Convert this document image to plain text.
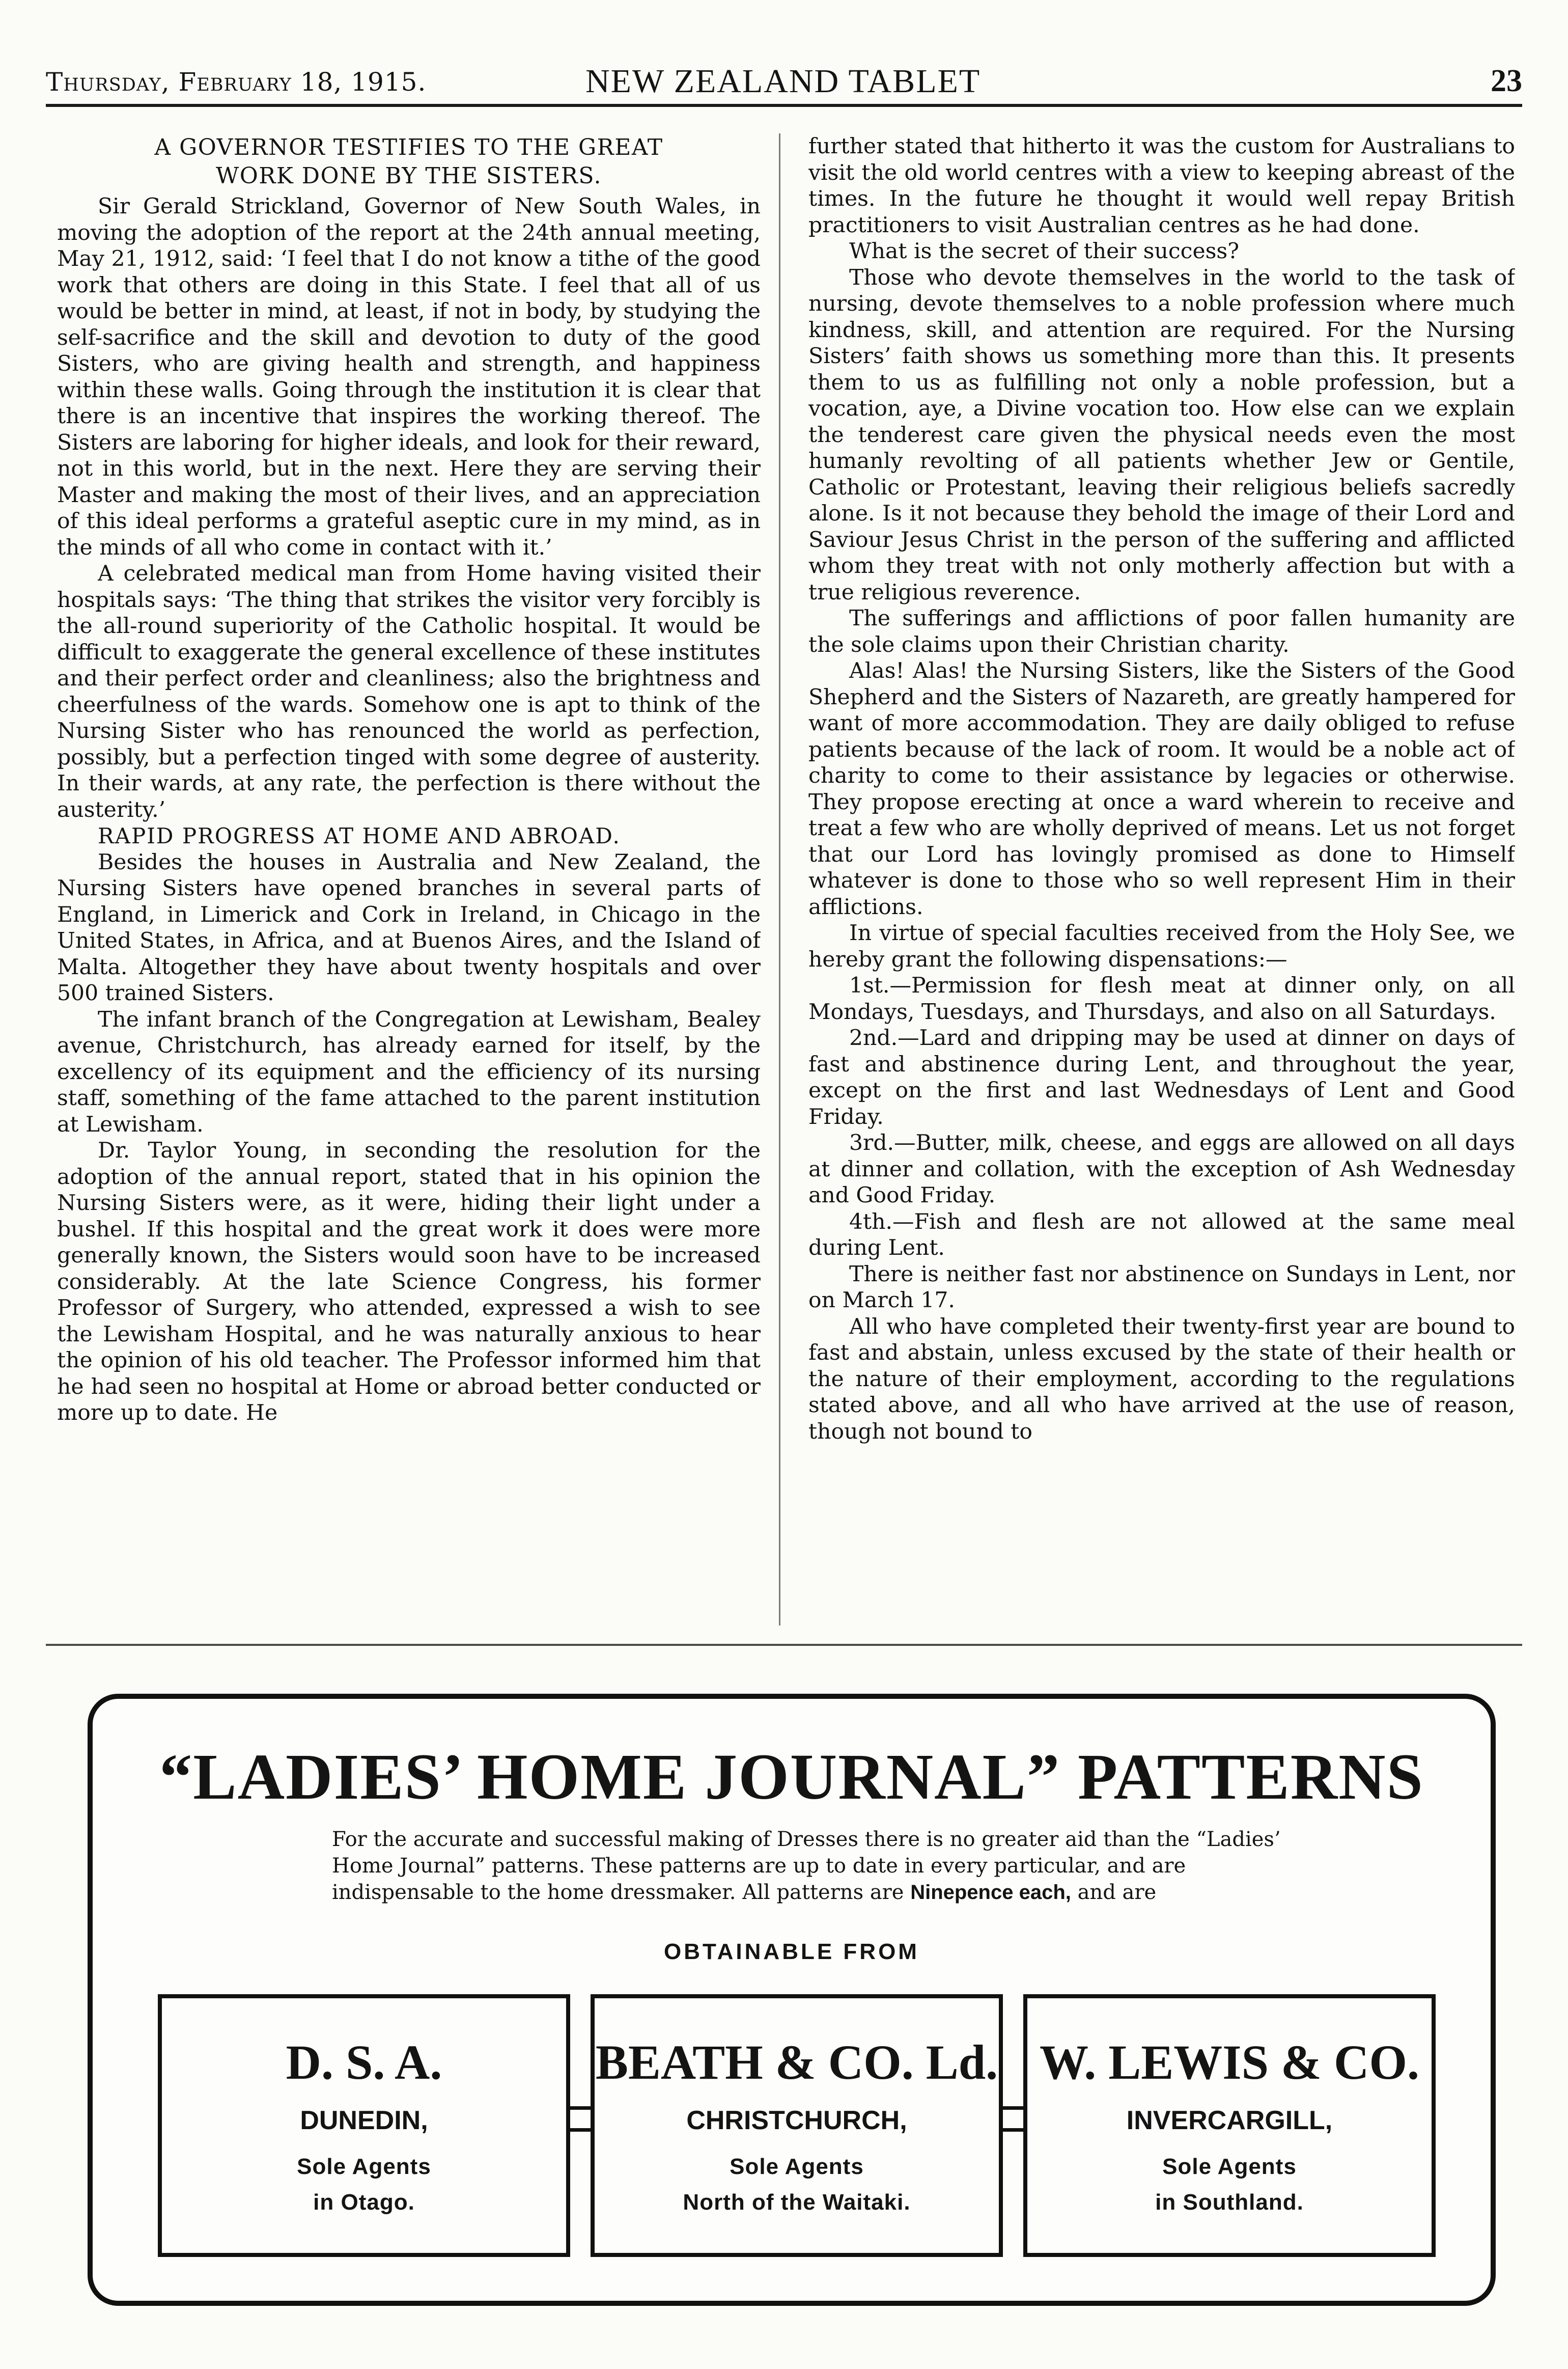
Thursday, February 18, 1915.	NEW ZEALAND TABLET	23
A GOVERNOR TESTIFIES TO THE GREAT
WORK DONE BY THE SISTERS.

Sir Gerald Strickland, Governor of New South Wales, in moving the adoption of the report at the 24th annual meeting, May 21, 1912, said: ‘I feel that I do not know a tithe of the good work that others are doing in this State. I feel that all of us would be better in mind, at least, if not in body, by studying the self-sacrifice and the skill and devotion to duty of the good Sisters, who are giving health and strength, and happiness within these walls. Going through the institution it is clear that there is an incentive that inspires the working thereof. The Sisters are laboring for higher ideals, and look for their reward, not in this world, but in the next. Here they are serving their Master and making the most of their lives, and an appreciation of this ideal performs a grateful aseptic cure in my mind, as in the minds of all who come in contact with it.’

A celebrated medical man from Home having visited their hospitals says: ‘The thing that strikes the visitor very forcibly is the all-round superiority of the Catholic hospital. It would be difficult to exaggerate the general excellence of these institutes and their perfect order and cleanliness; also the brightness and cheerfulness of the wards. Somehow one is apt to think of the Nursing Sister who has renounced the world as perfection, possibly, but a perfection tinged with some degree of austerity. In their wards, at any rate, the perfection is there without the austerity.’

RAPID PROGRESS AT HOME AND ABROAD.

Besides the houses in Australia and New Zealand, the Nursing Sisters have opened branches in several parts of England, in Limerick and Cork in Ireland, in Chicago in the United States, in Africa, and at Buenos Aires, and the Island of Malta. Altogether they have about twenty hospitals and over 500 trained Sisters.

The infant branch of the Congregation at Lewisham, Bealey avenue, Christchurch, has already earned for itself, by the excellency of its equipment and the efficiency of its nursing staff, something of the fame attached to the parent institution at Lewisham.

Dr. Taylor Young, in seconding the resolution for the adoption of the annual report, stated that in his opinion the Nursing Sisters were, as it were, hiding their light under a bushel. If this hospital and the great work it does were more generally known, the Sisters would soon have to be increased considerably. At the late Science Congress, his former Professor of Surgery, who attended, expressed a wish to see the Lewisham Hospital, and he was naturally anxious to hear the opinion of his old teacher. The Professor informed him that he had seen no hospital at Home or abroad better conducted or more up to date. He

further stated that hitherto it was the custom for Australians to visit the old world centres with a view to keeping abreast of the times. In the future he thought it would well repay British practitioners to visit Australian centres as he had done.

What is the secret of their success?

Those who devote themselves in the world to the task of nursing, devote themselves to a noble profession where much kindness, skill, and attention are required. For the Nursing Sisters’ faith shows us something more than this. It presents them to us as fulfilling not only a noble profession, but a vocation, aye, a Divine vocation too. How else can we explain the tenderest care given the physical needs even the most humanly revolting of all patients whether Jew or Gentile, Catholic or Protestant, leaving their religious beliefs sacredly alone. Is it not because they behold the image of their Lord and Saviour Jesus Christ in the person of the suffering and afflicted whom they treat with not only motherly affection but with a true religious reverence.

The sufferings and afflictions of poor fallen humanity are the sole claims upon their Christian charity.

Alas! Alas! the Nursing Sisters, like the Sisters of the Good Shepherd and the Sisters of Nazareth, are greatly hampered for want of more accommodation. They are daily obliged to refuse patients because of the lack of room. It would be a noble act of charity to come to their assistance by legacies or otherwise. They propose erecting at once a ward wherein to receive and treat a few who are wholly deprived of means. Let us not forget that our Lord has lovingly promised as done to Himself whatever is done to those who so well represent Him in their afflictions.

In virtue of special faculties received from the Holy See, we hereby grant the following dispensations:—

1st.—Permission for flesh meat at dinner only, on all Mondays, Tuesdays, and Thursdays, and also on all Saturdays.

2nd.—Lard and dripping may be used at dinner on days of fast and abstinence during Lent, and throughout the year, except on the first and last Wednesdays of Lent and Good Friday.

3rd.—Butter, milk, cheese, and eggs are allowed on all days at dinner and collation, with the exception of Ash Wednesday and Good Friday.

4th.—Fish and flesh are not allowed at the same meal during Lent.

There is neither fast nor abstinence on Sundays in Lent, nor on March 17.

All who have completed their twenty-first year are bound to fast and abstain, unless excused by the state of their health or the nature of their employment, according to the regulations stated above, and all who have arrived at the use of reason, though not bound to

“LADIES’ HOME JOURNAL” PATTERNS
For the accurate and successful making of Dresses there is no greater aid than the “Ladies’ Home Journal” patterns. These patterns are up to date in every particular, and are indispensable to the home dressmaker. All patterns are Ninepence each, and are
OBTAINABLE FROM
D. S. A.
DUNEDIN,
Sole Agents
in Otago.
BEATH & CO. Ld.
CHRISTCHURCH,
Sole Agents
North of the Waitaki.
W. LEWIS & CO.
INVERCARGILL,
Sole Agents
in Southland.
